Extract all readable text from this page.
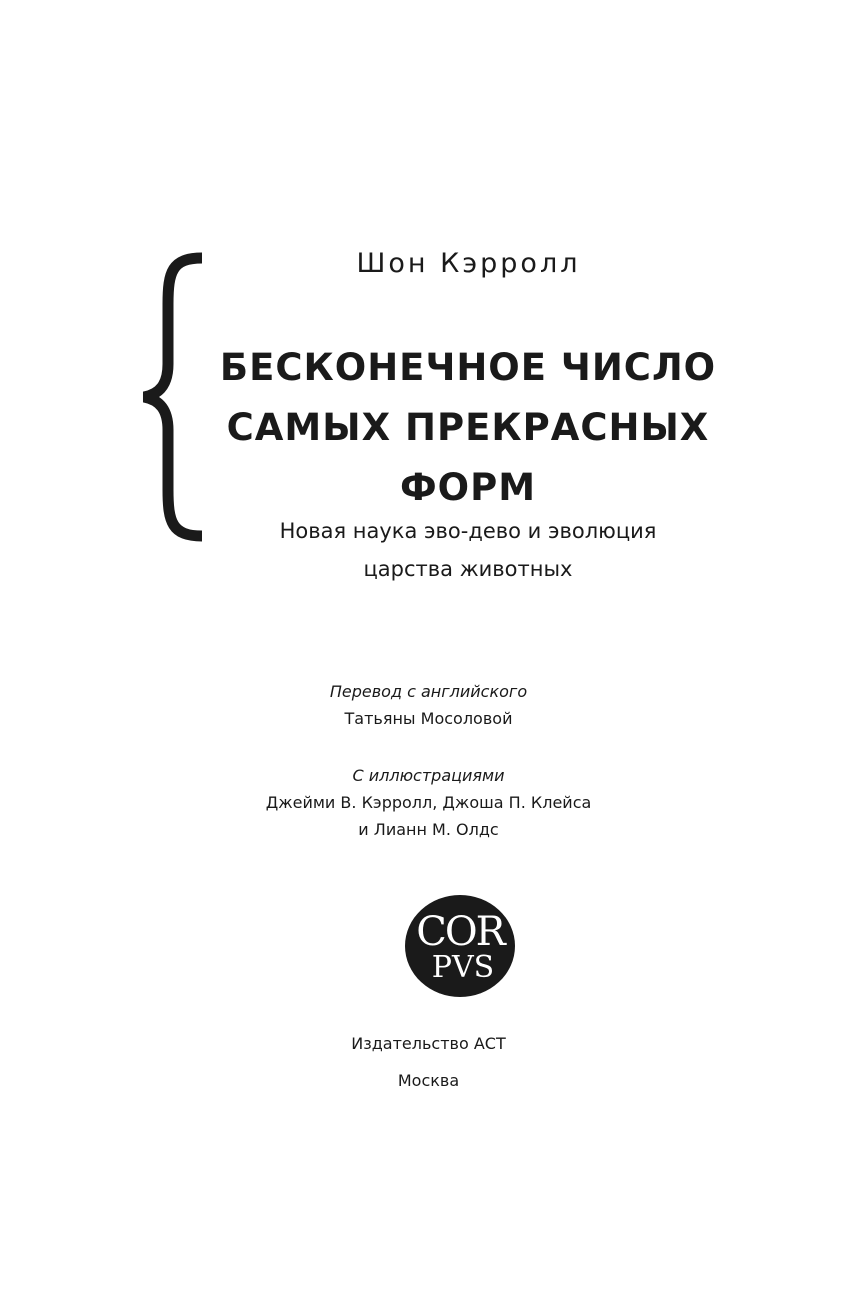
Шон Кэрролл
БЕСКОНЕЧНОЕ ЧИСЛО
САМЫХ ПРЕКРАСНЫХ
ФОРМ
Новая наука эво-дево и эволюция
царства животных
Перевод с английского
Татьяны Мосоловой
С иллюстрациями
Джейми В. Кэрролл, Джоша П. Клейса
и Лианн М. Олдс
COR
PVS
Издательство АСТ
Москва
